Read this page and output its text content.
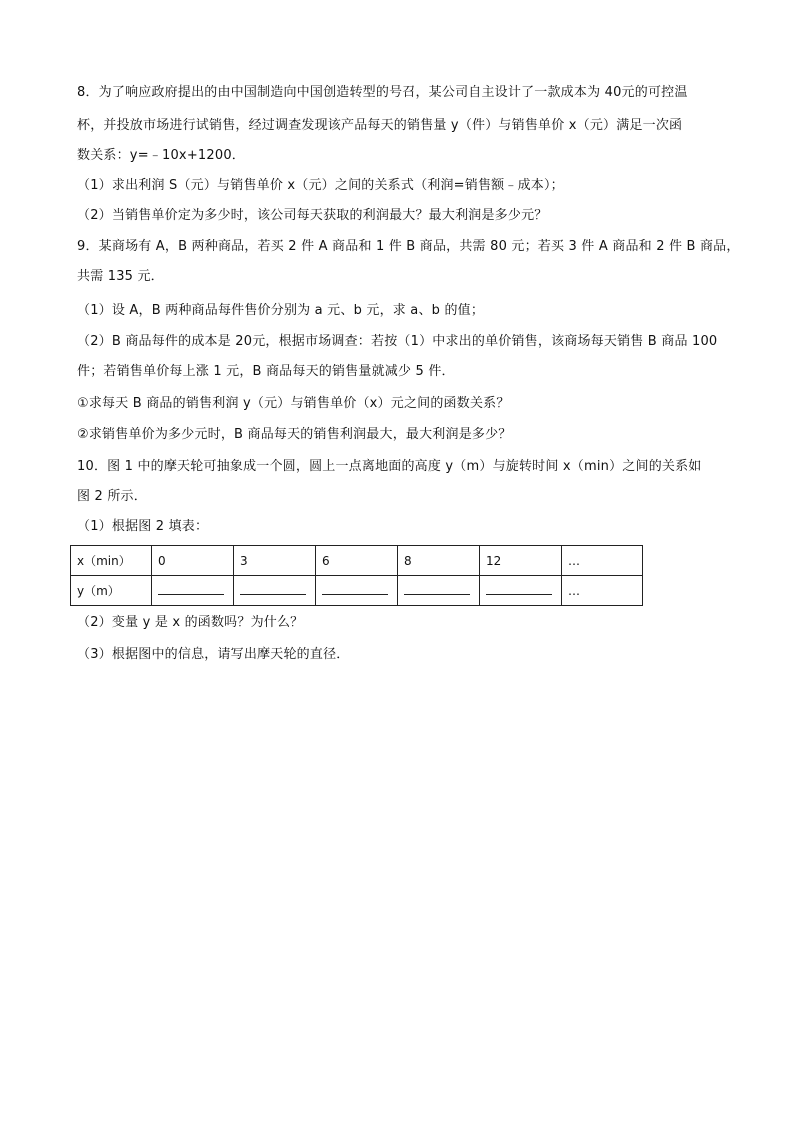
8．为了响应政府提出的由中国制造向中国创造转型的号召，某公司自主设计了一款成本为 40元的可控温
杯，并投放市场进行试销售，经过调查发现该产品每天的销售量 y（件）与销售单价 x（元）满足一次函
数关系：y=﹣10x+1200．
（1）求出利润 S（元）与销售单价 x（元）之间的关系式（利润=销售额﹣成本）；
（2）当销售单价定为多少时，该公司每天获取的利润最大？最大利润是多少元？
9．某商场有 A，B 两种商品，若买 2 件 A 商品和 1 件 B 商品，共需 80 元；若买 3 件 A 商品和 2 件 B 商品，
共需 135 元．
（1）设 A，B 两种商品每件售价分别为 a 元、b 元，求 a、b 的值；
（2）B 商品每件的成本是 20元，根据市场调查：若按（1）中求出的单价销售，该商场每天销售 B 商品 100
件；若销售单价每上涨 1 元，B 商品每天的销售量就减少 5 件．
①求每天 B 商品的销售利润 y（元）与销售单价（x）元之间的函数关系？
②求销售单价为多少元时，B 商品每天的销售利润最大，最大利润是多少？
10．图 1 中的摩天轮可抽象成一个圆，圆上一点离地面的高度 y（m）与旋转时间 x（min）之间的关系如
图 2 所示．
（1）根据图 2 填表：
x（min）	0	3	6	8	12	…
y（m）						…
（2）变量 y 是 x 的函数吗？为什么？
（3）根据图中的信息，请写出摩天轮的直径．
